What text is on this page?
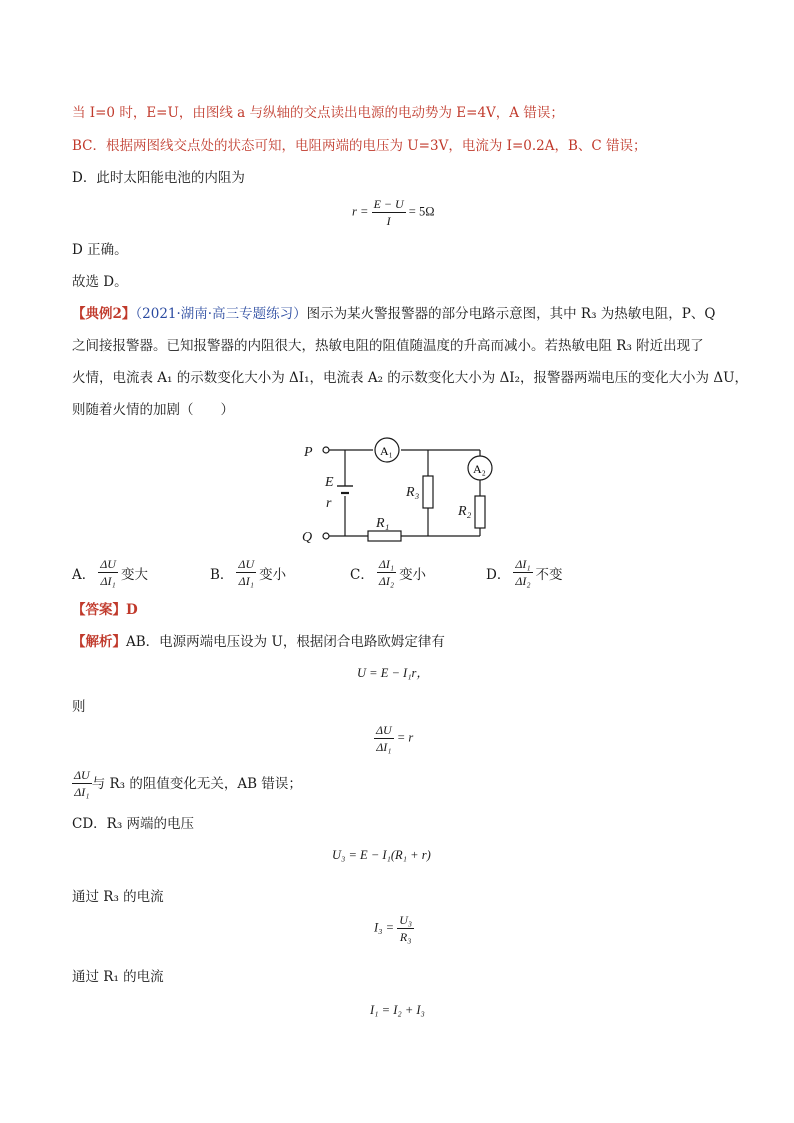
当 I=0 时，E=U，由图线 a 与纵轴的交点读出电源的电动势为 E=4V，A 错误；
BC．根据两图线交点处的状态可知，电阻两端的电压为 U=3V，电流为 I=0.2A，B、C 错误；
D．此时太阳能电池的内阻为
$r = \frac{E - U}{I} = 5\Omega$
D 正确。
故选 D。
【典例2】（2021·湖南·高三专题练习）图示为某火警报警器的部分电路示意图，其中 R₃ 为热敏电阻，P、Q
之间接报警器。已知报警器的内阻很大，热敏电阻的阻值随温度的升高而减小。若热敏电阻 R₃ 附近出现了
火情，电流表 A₁ 的示数变化大小为 ΔI₁，电流表 A₂ 的示数变化大小为 ΔI₂，报警器两端电压的变化大小为 ΔU，
则随着火情的加剧（　　）
A₁
A₂
P
Q
E
r
R₃
R₂
R₁
A． $\frac{\Delta U}{\text{ΔI₁}}$ 变大	B． $\frac{\Delta U}{\text{ΔI₁}}$ 变小	C． $\frac{\text{ΔI₁}}{\text{ΔI₂}}$ 变小	D． $\frac{\text{ΔI₁}}{\text{ΔI₂}}$ 不变
【答案】D
【解析】AB．电源两端电压设为 U，根据闭合电路欧姆定律有
U = E − I₁r，
则
$\frac{\Delta U}{\text{ΔI₁}} = r$
$\frac{\Delta U}{\text{ΔI₁}}$ 与 R₃ 的阻值变化无关，AB 错误；
CD．R₃ 两端的电压
U₃ = E − I₁(R₁ + r)
通过 R₃ 的电流
$I_3 = \frac{\text{U₃}}{\text{R₃}}$
通过 R₁ 的电流
I₁ = I₂ + I₃
